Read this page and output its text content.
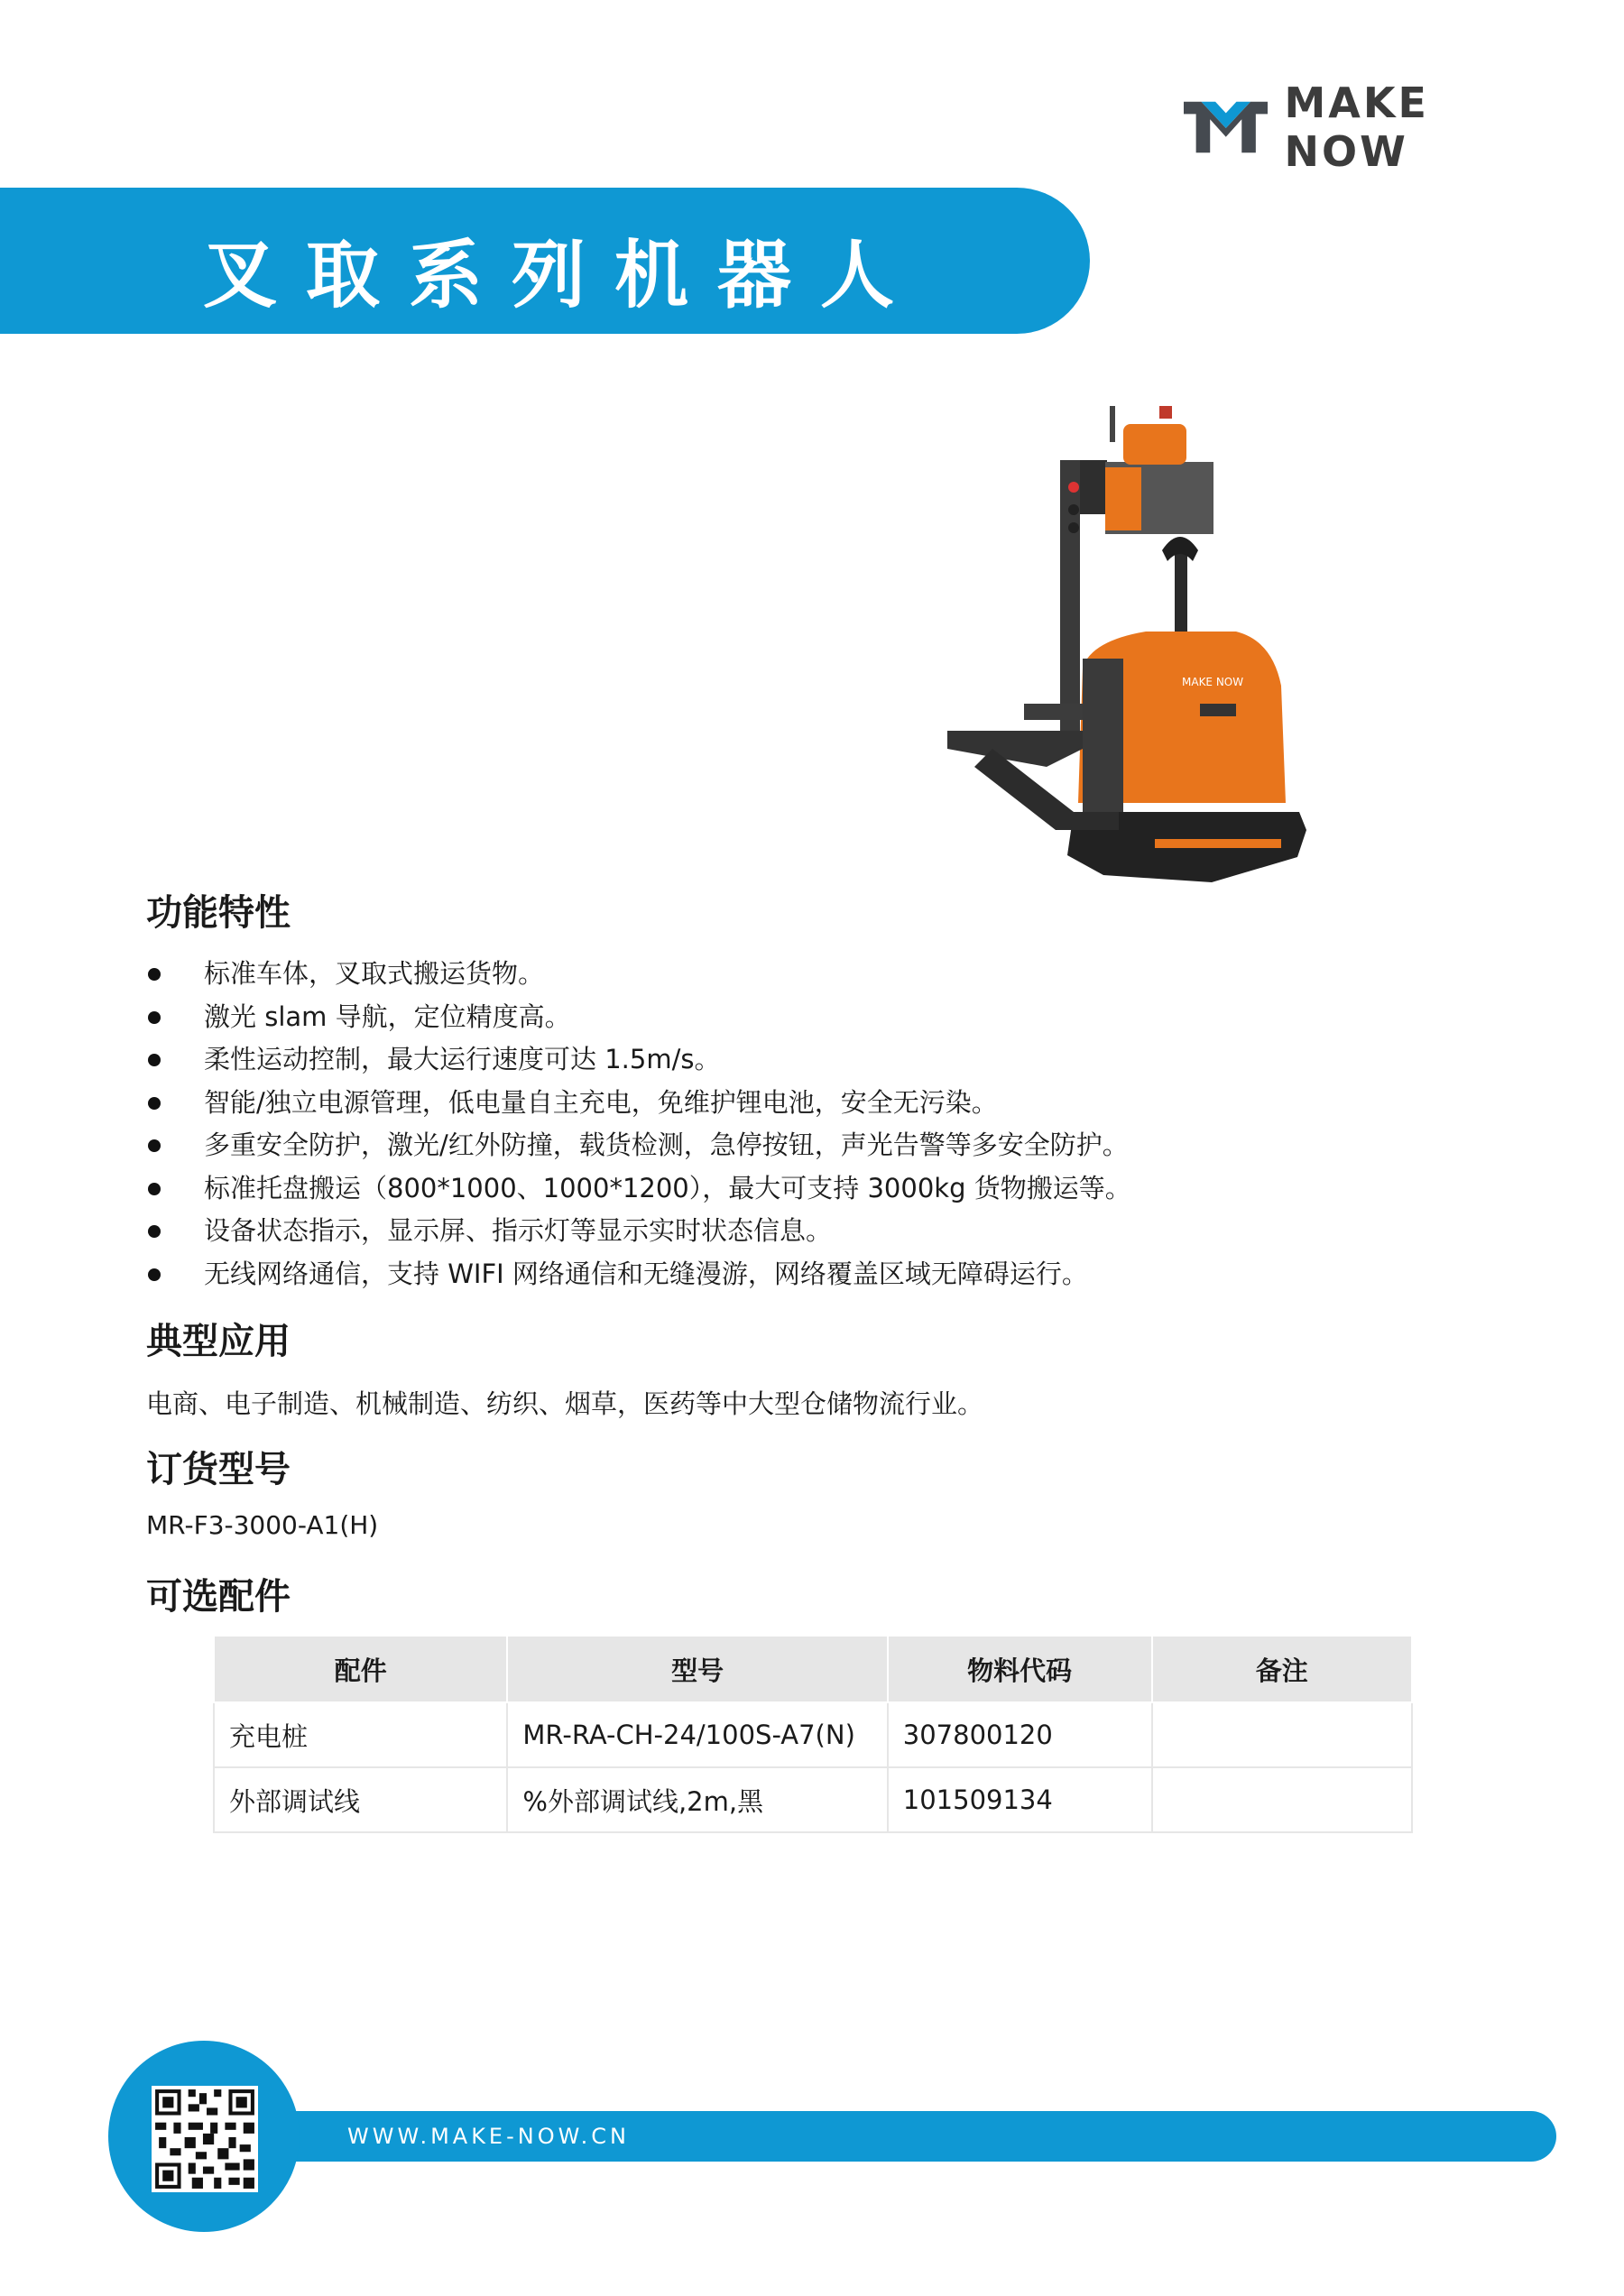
MAKE NOW
叉取系列机器人
MAKE NOW
功能特性
标准车体，叉取式搬运货物。
激光 slam 导航，定位精度高。
柔性运动控制，最大运行速度可达 1.5m/s。
智能/独立电源管理，低电量自主充电，免维护锂电池，安全无污染。
多重安全防护，激光/红外防撞，载货检测，急停按钮，声光告警等多安全防护。
标准托盘搬运（800*1000、1000*1200），最大可支持 3000kg 货物搬运等。
设备状态指示，显示屏、指示灯等显示实时状态信息。
无线网络通信，支持 WIFI 网络通信和无缝漫游，网络覆盖区域无障碍运行。
典型应用

电商、电子制造、机械制造、纺织、烟草，医药等中大型仓储物流行业。

订货型号

MR-F3-3000-A1(H)

可选配件
配件	型号	物料代码	备注
充电桩	MR-RA-CH-24/100S-A7(N)	307800120	
外部调试线	%外部调试线,2m,黑	101509134	
WWW.MAKE-NOW.CN
